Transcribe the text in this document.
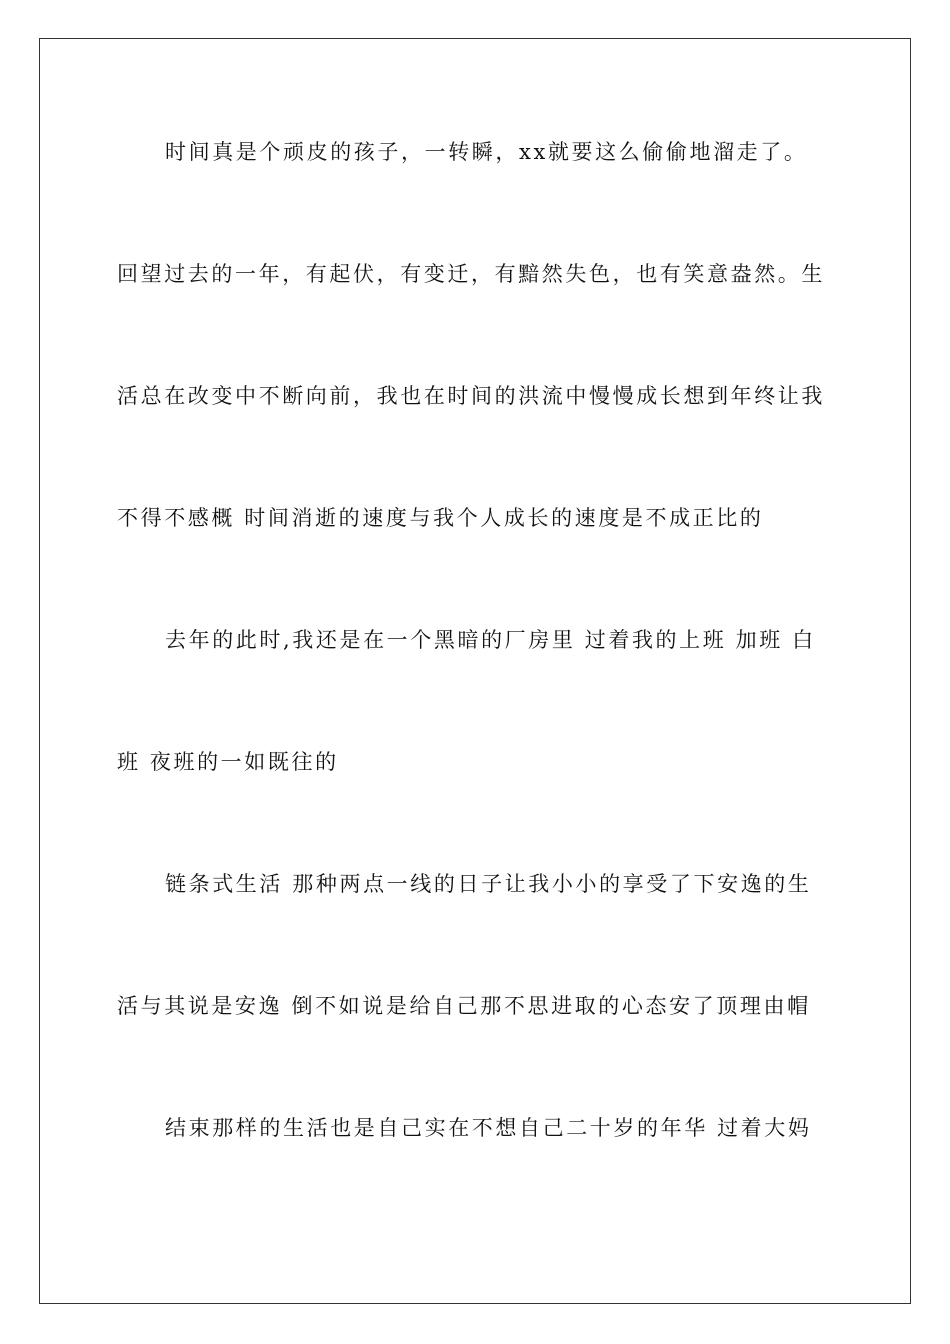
时间真是个顽皮的孩子，一转瞬，xx就要这么偷偷地溜走了。
回望过去的一年，有起伏，有变迁，有黯然失色，也有笑意盎然。生
活总在改变中不断向前，我也在时间的洪流中慢慢成长想到年终让我
不得不感概 时间消逝的速度与我个人成长的速度是不成正比的
去年的此时,我还是在一个黑暗的厂房里 过着我的上班 加班 白
班 夜班的一如既往的
链条式生活 那种两点一线的日子让我小小的享受了下安逸的生
活与其说是安逸 倒不如说是给自己那不思进取的心态安了顶理由帽
结束那样的生活也是自己实在不想自己二十岁的年华 过着大妈
